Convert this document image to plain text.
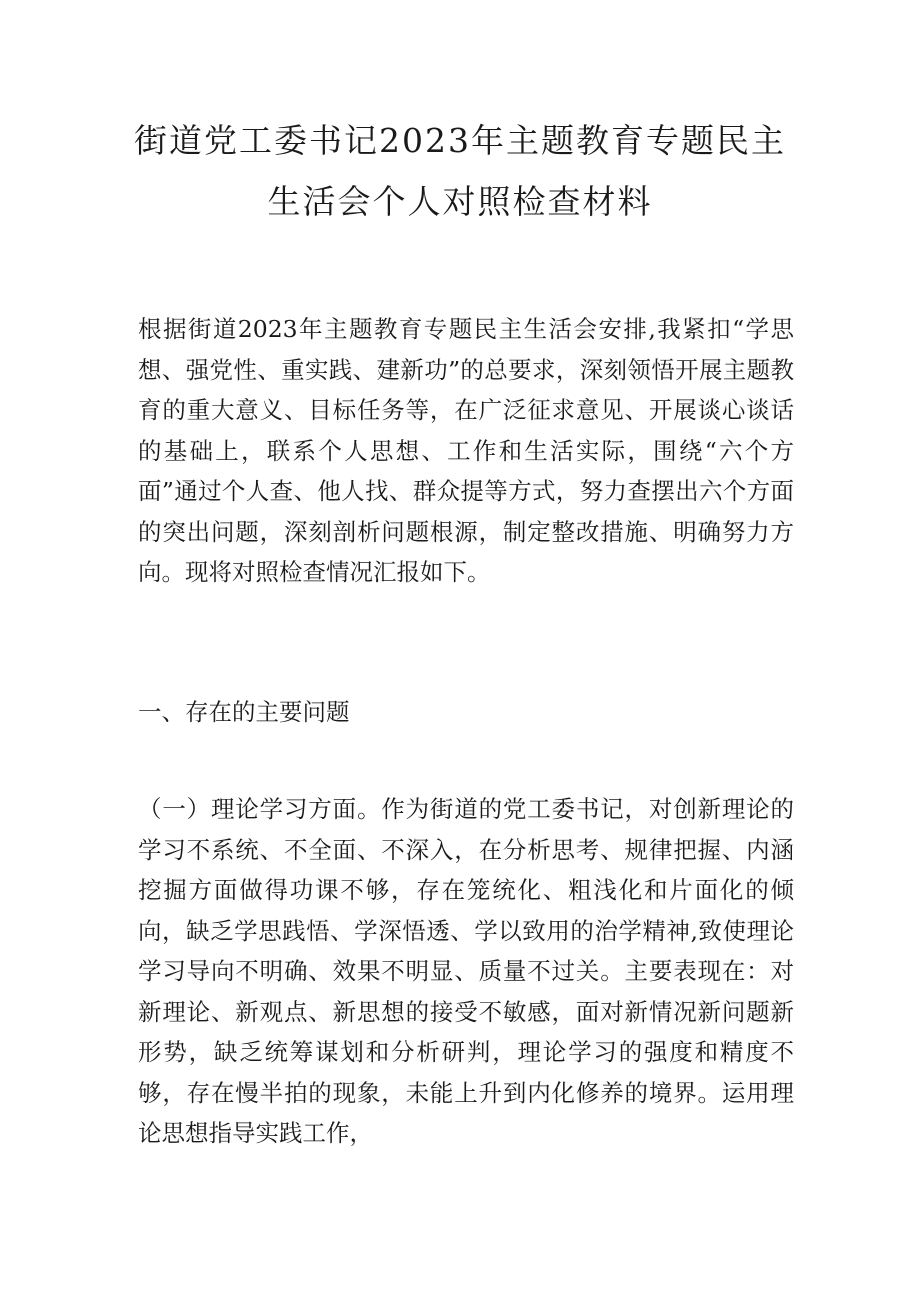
街道党工委书记2023年主题教育专题民主
生活会个人对照检查材料

根据街道2023年主题教育专题民主生活会安排,我紧扣“学思想、强党性、重实践、建新功”的总要求，深刻领悟开展主题教育的重大意义、目标任务等，在广泛征求意见、开展谈心谈话的基础上，联系个人思想、工作和生活实际，围绕“六个方面”通过个人查、他人找、群众提等方式，努力查摆出六个方面的突出问题，深刻剖析问题根源，制定整改措施、明确努力方向。现将对照检查情况汇报如下。

一、存在的主要问题

（一）理论学习方面。作为街道的党工委书记，对创新理论的学习不系统、不全面、不深入，在分析思考、规律把握、内涵挖掘方面做得功课不够，存在笼统化、粗浅化和片面化的倾向，缺乏学思践悟、学深悟透、学以致用的治学精神,致使理论学习导向不明确、效果不明显、质量不过关。主要表现在：对新理论、新观点、新思想的接受不敏感，面对新情况新问题新形势，缺乏统筹谋划和分析研判，理论学习的强度和精度不够，存在慢半拍的现象，未能上升到内化修养的境界。运用理论思想指导实践工作，
